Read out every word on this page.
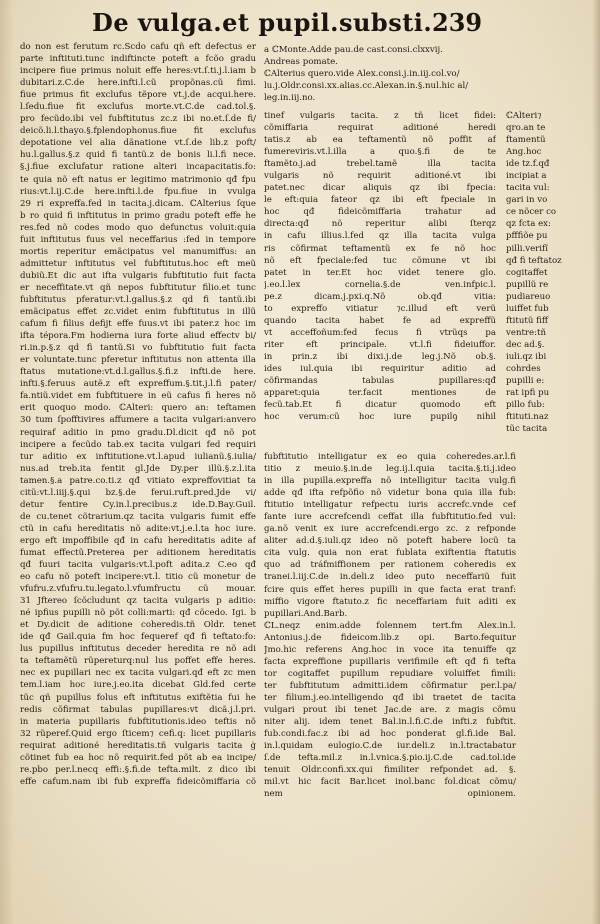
De vulga.et pupil.substi. 239
a ℂMonte.Adde pau.de cast.consi.clxxvij.
Andreas pomate.
ℂAlterius quero.vide Alex.consi.j.in.iij.col.vo/
lu.j.Oldr.consi.xx.alias.cc.Alexan.in.§.nul.hic al/
leg.in.iij.no.
do non est ferutum rc.Scdo cafu qñ eft defectus er
parte inftituti.tunc indiftincte poteft a fcõo gradu
incipere fiue primus noluit effe heres:vt.ſ.ti.j.l.iam b
dubitari.z.C.de here.infti.l.cũ propõnas.cũ fimi.
fiue primus fit exclufus tẽpore vt.j.de acqui.here.
l.ſedu.fiue fit exclufus morte.vt.C.de cad.tol.§.
pro fecũdo.ibi vel fubftitutus zc.z ibi no.et.ſ.de fi/
deicõ.li.l.thayo.§.fplendophonus.fiue fit exclufus
depotatione vel alia dãnatione vt.ſ.de lib.z poft/
hu.l.gallus.§.z quid fi tantũ.z de bonis li.l.fi nece.
§.j.fiue exclufatur ratione alteri incapacitatis.fo:
te quia nõ eft natus er legitimo matrimonio qđ fpu
rius:vt.l.ij.C.de here.infti.l.de fpu.fiue in vvulga
29 ri expreffa.fed in tacita.j.dicam. ℂAlterius ſque
b ro quid fi inftitutus in primo gradu poteft effe he
res.fed nõ codes modo quo defunctus voluit:quia
fuit inftitutus fuus vel neceffarius :fed in tempore
mortis reperitur emãcipatus vel manumiffus: an
admittetur inftitutus vel fubftitutus.hoc eft meũ
dubiũ.Et dic aut ifta vulgaris fubftitutio fuit facta
er neceffitate.vt qñ nepos fubftitutur filio.et tunc
fubftitutus pferatur:vt.l.gallus.§.z qd fi tantũ.ibi
emãcipatus effet zc.videt enim fubftitutus in illũ
cafum fi filius defijt effe fuus.vt ibi pater.z hoc im
ifta tépora.Fm hodierna iura forte aliud effectv bi/
ri.in.p.§.z qd fi tantũ.Si vo fubftitutio fuit facta
er voluntate.tunc pferetur inftitutus non attenta illa
ftatus mutatione:vt.d.l.gallus.§.fi.z infti.de here.
infti.§.feruus autẽ.z eft expreffum.§.tit.j.l.fi pater/
fa.ntiũ.videt em fubftituere in eũ cafus fi heres nõ
erit quoquo modo. ℂAlteri: quero an: teftamen
30 tum ſpofftivires affumere a tacita vulgari:anvero
requiraf aditio in pmo gradu.Dl.dicit qđ nõ pot
incipere a fecũdo tab.ex tacita vulgari fed requiri
tur aditio ex inftitutione.vt.l.apud iulianũ.§.iulia/
nus.ad treb.ita fentit gl.Jde Dy.per illũ.§.z.l.ita
tamen.§.a patre.co.ti.z qđ vitiato expreffovitiat ta
citũ:vt.l.iiij.§.qui bz.§.de ferui.ruft.pred.Jde vi/
detur fentire Cy.in.l.precibus.z ide.D.Bay.Guil.
de cu.tenet cõtrarium.qz tacita vulgaris fumit effe
ctũ in cafu hereditatis nõ adite:vt.j.e.l.ta hoc iure.
ergo eft impoffibile qđ in cafu hereditatis adite af
fumat effectũ.Preterea per aditionem hereditatis
qđ fuuri tacita vulgaris:vt.l.poft adita.z C.eo qđ
eo cafu nõ poteft incipere:vt.l. titio cũ monetur de
vfufru.z.vfufru.tu.legato.l.vfumfructu cũ mouar.
31 Jftereo ſcõcludunt qz tacita vulgaris p aditio:
né ipfius pupilli nõ põt colli:marti: qđ cõcedo. Igi. b
et Dy.dicit de aditione coheredis.tñ Oldr. tenet
ide qđ Gail.quia fm hoc fequeref qđ fi teftato:fo:
lus pupillus inftitutus deceder heredita re nõ adi
ta teftamẽtũ rũpereturq:nul lus poffet effe heres.
nec ex pupillari nec ex tacita vulgari.qđ eft zc men
tem.l.iam hoc iure.j.eo.ita dicebat Gld.fed certe
tũc qñ pupillus folus eft inftitutus exiftẽtia fui he
redis cõfirmat tabulas pupillares:vt dicã.j.l.pri.
in materia pupillaris fubftitutionis.ideo teftis nõ
32 rũperef.Quid ergo ſticem⁊ cefi.q: licet pupillaris
requirat aditioné hereditatis.tñ vulgaris tacita ġ
cõtinet fub ea hoc nõ requirit.fed põt ab ea incipe/
re.pbo per.l.necq effi:.§.fi.de tefta.milt. z dico ibi
effe cafum.nam ibi fub expreffa fideicõmiffaria cõ
tinef vulgaris tacita. z tñ licet fidei:
cõmiffaria requirat aditioné heredi
tatis.z ab ea teftamentũ nõ poffit af
fumereviris.vt.l.illa a quo.§.fi de te
ftamẽto.j.ad trebel.tamẽ illa tacita
vulgaris nõ requirit aditioné.vt ibi
patet.nec dicar aliquis qz ibi fpecia:
le eft:quia fateor qz ibi eft fpeciale in
hoc qđ fideicõmiffaria trahatur ad
directa:qđ nõ reperitur alibi ſterqz
in cafu illius.l.fed qz illa tacita vulga
ris cõfirmat teftamentũ ex fe nõ hoc
nõ eft fpeciale:fed tuc cõmune vt ibi
patet in ter.Et hoc videt tenere glo.
j.eo.l.lex cornelia.§.de ven.infpic.l.
pe.z dicam.j.pxi.q.Nõ ob.qđ vitia:
to expreffo vitiatur ⁊c.illud eft verũ
quando tacita habet fe ad expreffũ
vt acceffoñum:fed fecus fi vtrũqs pa
riter eft principale. vt.l.fi fideiuffor.
in prin.z ibi dixi.j.de leg.j.Nõ ob.§.
ides iul.quia ibi requiritur aditio ad
cõfirmandas tabulas pupillares:qđ
apparet:quia ter.facit mentiones de
fecũ.tab.Et fi dicatur quomodo eft
hoc verum:cũ hoc iure pupilꝯ nihil
fubftitutio intelligatur ex eo quia coheredes.ar.l.fi
titio z meuio.§.in.de leg.ij.l.quia tacita.§.ti.j.ideo
in illa pupilla.expreffa nõ intelligitur tacita vulg.fi
adde qđ ifta refpõfio nõ videtur bona quia illa fub:
ftitutio intelligatur refpectu iuris accrefc.vnde cef
fante iure accrefcendi ceffat illa fubftitutio.fed vul:
ga.nõ venit ex iure accrefcendi.ergo zc. z refponde
aliter ad.d.§.iuli.qz ideo nõ poteft habere locũ ta
cita vulg. quia non erat fublata exiftentia ftatutis
quo ad tráfmiffionem per rationem coheredis ex
tranei.l.iij.C.de in.deli.z ideo puto neceffariũ fuit
fcire quis effet heres pupilli in que facta erat tranf:
miffio vigore ftatuto.z fic neceffariam fuit aditi ex
pupillari.And.Barb.
ℂL.neqz enim.adde folennem tert.fm Alex.in.l.
Antonius.j.de fideicom.lib.z opi. Barto.fequitur
Jmo.hic referens Ang.hoc in voce ita tenuiffe qz
facta expreffione pupillaris verifimile eft qđ fi tefta
tor cogitaffet pupillum repudiare voluiffet fimili:
ter fubftitutum admitti.idem cõfirmatur per.l.pa/
ter filium.j.eo.intelligendo qđ ibi traetet de tacita
vulgari prout ibi tenet Jac.de are. z magis cõmu
niter alij. idem tenet Bal.in.l.fi.C.de infti.z fubftit.
fub.condi.fac.z ibi ad hoc ponderat gl.fi.ide Bal.
in.l.quidam eulogio.C.de iur.deli.z in.l.tractabatur
ſ.de tefta.mil.z in.l.vnica.§.pio.ij.C.de cad.tol.ide
tenuit Oldr.confi.xx.qui fimiliter refpondet ad. §.
mil.vt hic facit Bar.licet inol.banc fol.dicat cõmu/
nem opinionem.
ℂAlteri⁊
qro.an te
ftamentũ
Ang.hoc
ide tz.f.qđ
incipiat a
tacita vul:
gari in vo
ce nõcer co
qz fcta ex:
pfffiõe pu
pilli.verifĩ
qđ fi teftatoz
cogitaffet
pupillũ re
pudiareuo
luiffet fub
ftitutũ fiff
ventre:tñ
dec ad.§.
iuli.qz ibi
cohrdes
pupilli e:
rat ipfi pu
pillo fub:
ftituti.naz
tũc tacita
